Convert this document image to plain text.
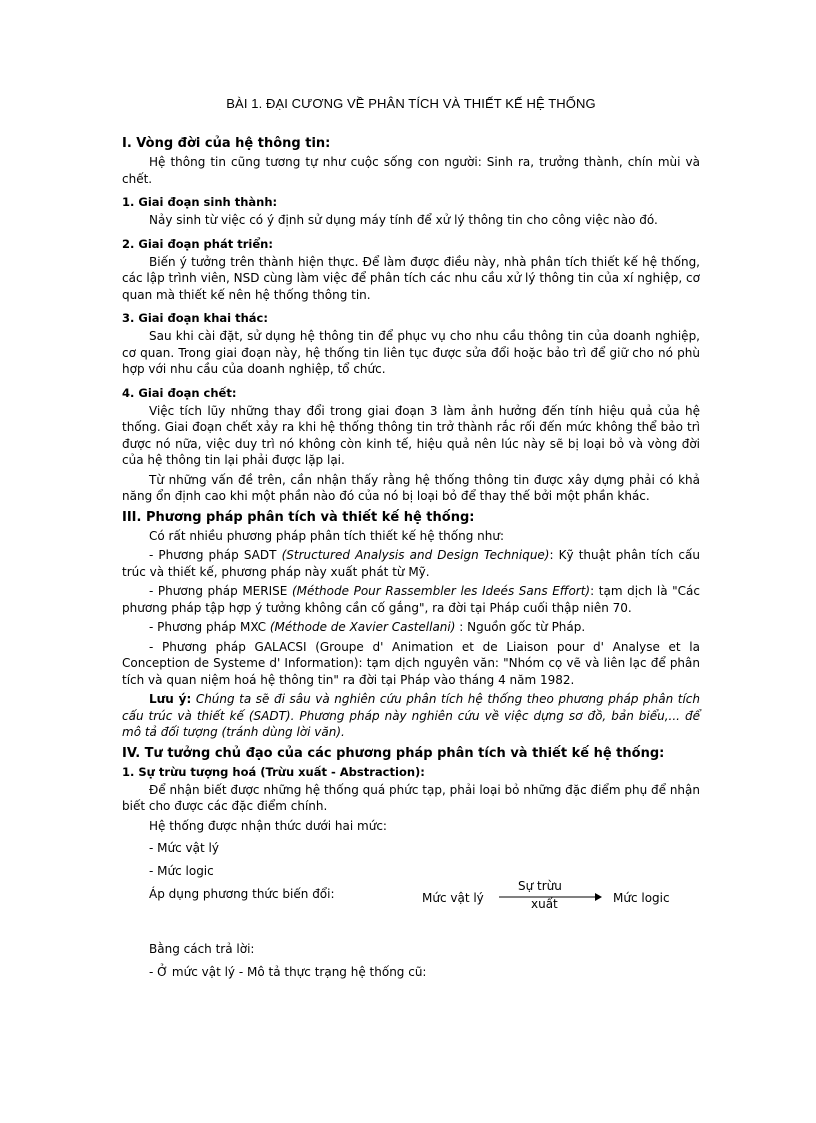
BÀI 1. ĐẠI CƯƠNG VỀ PHÂN TÍCH VÀ THIẾT KẾ HỆ THỐNG
I. Vòng đời của hệ thông tin:
Hệ thông tin cũng tương tự như cuộc sống con người: Sinh ra, trưởng thành, chín mùi và chết.
1. Giai đoạn sinh thành:
Nảy sinh từ việc có ý định sử dụng máy tính để xử lý thông tin cho công việc nào đó.
2. Giai đoạn phát triển:
Biến ý tưởng trên thành hiện thực. Để làm được điều này, nhà phân tích thiết kế hệ thống, các lập trình viên, NSD cùng làm việc để phân tích các nhu cầu xử lý thông tin của xí nghiệp, cơ quan mà thiết kế nên hệ thống thông tin.
3. Giai đoạn khai thác:
Sau khi cài đặt, sử dụng hệ thông tin để phục vụ cho nhu cầu thông tin của doanh nghiệp, cơ quan. Trong giai đoạn này, hệ thống tin liên tục được sửa đổi hoặc bảo trì để giữ cho nó phù hợp với nhu cầu của doanh nghiệp, tổ chức.
4. Giai đoạn chết:
Việc tích lũy những thay đổi trong giai đoạn 3 làm ảnh hưởng đến tính hiệu quả của hệ thống. Giai đoạn chết xảy ra khi hệ thống thông tin trở thành rắc rối đến mức không thể bảo trì được nó nữa, việc duy trì nó không còn kinh tế, hiệu quả nên lúc này sẽ bị loại bỏ và vòng đời của hệ thông tin lại phải được lặp lại.
Từ những vấn đề trên, cần nhận thấy rằng hệ thống thông tin được xây dựng phải có khả năng ổn định cao khi một phần nào đó của nó bị loại bỏ để thay thế bởi một phần khác.
III. Phương pháp phân tích và thiết kế hệ thống:
Có rất nhiều phương pháp phân tích thiết kế hệ thống như:
- Phương pháp SADT (Structured Analysis and Design Technique): Kỹ thuật phân tích cấu trúc và thiết kế, phương pháp này xuất phát từ Mỹ.
- Phương pháp MERISE (Méthode Pour Rassembler les Ideés Sans Effort): tạm dịch là "Các phương pháp tập hợp ý tưởng không cần cố gắng", ra đời tại Pháp cuối thập niên 70.
- Phương pháp MXC (Méthode de Xavier Castellani) : Nguồn gốc từ Pháp.
- Phương pháp GALACSI (Groupe d' Animation et de Liaison pour d' Analyse et la Conception de Systeme d' Information): tạm dịch nguyên văn: "Nhóm cọ vẽ và liên lạc để phân tích và quan niệm hoá hệ thông tin" ra đời tại Pháp vào tháng 4 năm 1982.
Lưu ý: Chúng ta sẽ đi sâu và nghiên cứu phân tích hệ thống theo phương pháp phân tích cấu trúc và thiết kế (SADT). Phương pháp này nghiên cứu về việc dựng sơ đồ, bản biểu,... để mô tả đối tượng (tránh dùng lời văn).
IV. Tư tưởng chủ đạo của các phương pháp phân tích và thiết kế hệ thống:
1. Sự trừu tượng hoá (Trừu xuất - Abstraction):
Để nhận biết được những hệ thống quá phức tạp, phải loại bỏ những đặc điểm phụ để nhận biết cho được các đặc điểm chính.
Hệ thống được nhận thức dưới hai mức:
- Mức vật lý
- Mức logic
Áp dụng phương thức biến đổi:	Mức vật lý
Sự trừu
xuất	Mức logic
Bằng cách trả lời:
- Ở mức vật lý - Mô tả thực trạng hệ thống cũ:
